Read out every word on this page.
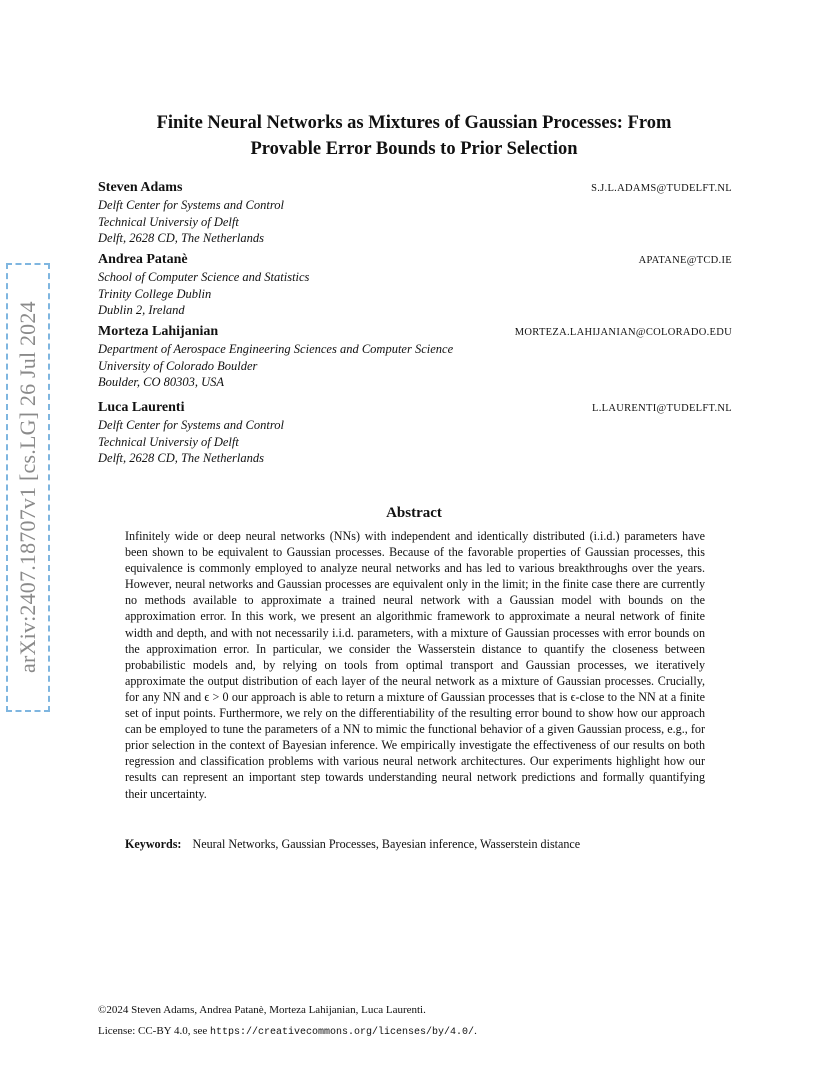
arXiv:2407.18707v1 [cs.LG] 26 Jul 2024
Finite Neural Networks as Mixtures of Gaussian Processes: From
Provable Error Bounds to Prior Selection
Steven Adams	S.J.L.ADAMS@TUDELFT.NL
Delft Center for Systems and Control
Technical Universiy of Delft
Delft, 2628 CD, The Netherlands
Andrea Patanè	APATANE@TCD.IE
School of Computer Science and Statistics
Trinity College Dublin
Dublin 2, Ireland
Morteza Lahijanian	MORTEZA.LAHIJANIAN@COLORADO.EDU
Department of Aerospace Engineering Sciences and Computer Science
University of Colorado Boulder
Boulder, CO 80303, USA
Luca Laurenti	L.LAURENTI@TUDELFT.NL
Delft Center for Systems and Control
Technical Universiy of Delft
Delft, 2628 CD, The Netherlands
Abstract
Infinitely wide or deep neural networks (NNs) with independent and identically distributed (i.i.d.) parameters have been shown to be equivalent to Gaussian processes. Because of the favorable properties of Gaussian processes, this equivalence is commonly employed to analyze neural networks and has led to various breakthroughs over the years. However, neural networks and Gaussian processes are equivalent only in the limit; in the finite case there are currently no methods available to approximate a trained neural network with a Gaussian model with bounds on the approximation error. In this work, we present an algorithmic framework to approximate a neural network of finite width and depth, and with not necessarily i.i.d. parameters, with a mixture of Gaussian processes with error bounds on the approximation error. In particular, we consider the Wasserstein distance to quantify the closeness between probabilistic models and, by relying on tools from optimal transport and Gaussian processes, we iteratively approximate the output distribution of each layer of the neural network as a mixture of Gaussian processes. Crucially, for any NN and ϵ > 0 our approach is able to return a mixture of Gaussian processes that is ϵ-close to the NN at a finite set of input points. Furthermore, we rely on the differentiability of the resulting error bound to show how our approach can be employed to tune the parameters of a NN to mimic the functional behavior of a given Gaussian process, e.g., for prior selection in the context of Bayesian inference. We empirically investigate the effectiveness of our results on both regression and classification problems with various neural network architectures. Our experiments highlight how our results can represent an important step towards understanding neural network predictions and formally quantifying their uncertainty.
Keywords: Neural Networks, Gaussian Processes, Bayesian inference, Wasserstein distance
©2024 Steven Adams, Andrea Patanè, Morteza Lahijanian, Luca Laurenti.
License: CC-BY 4.0, see https://creativecommons.org/licenses/by/4.0/.
